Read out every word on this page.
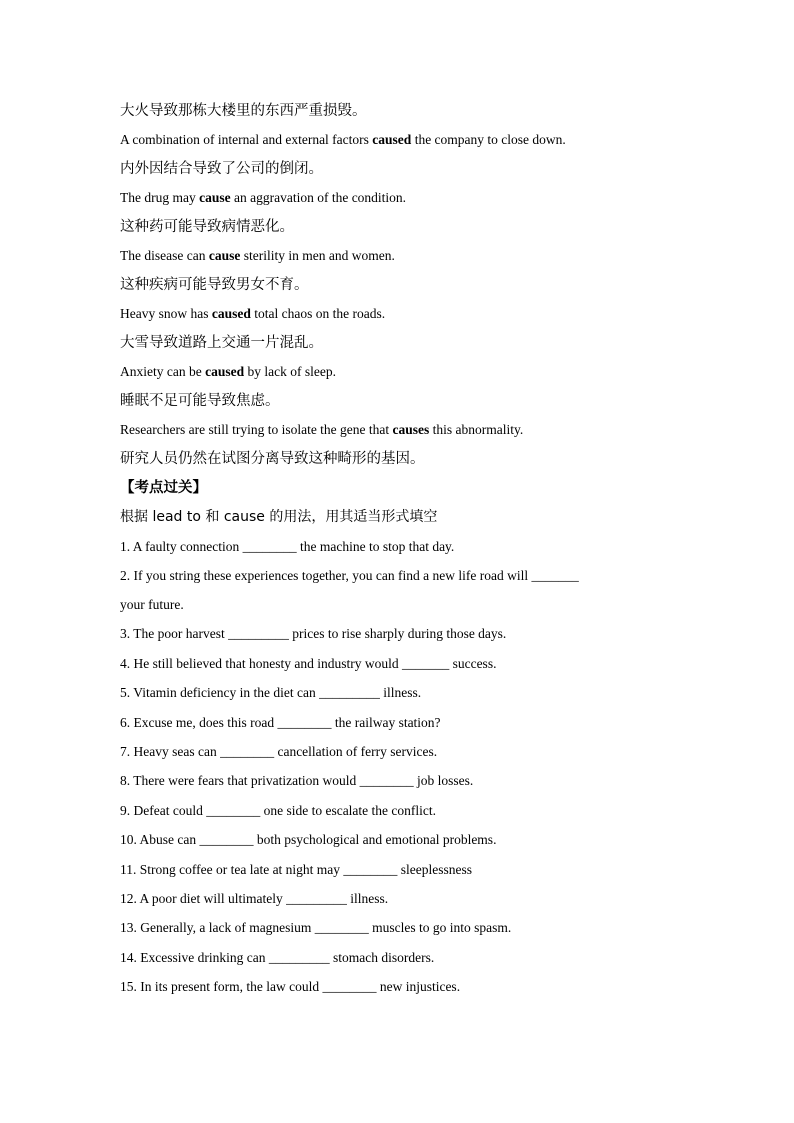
大火导致那栋大楼里的东西严重损毁。
A combination of internal and external factors caused the company to close down.
内外因结合导致了公司的倒闭。
The drug may cause an aggravation of the condition.
这种药可能导致病情恶化。
The disease can cause sterility in men and women.
这种疾病可能导致男女不育。
Heavy snow has caused total chaos on the roads.
大雪导致道路上交通一片混乱。
Anxiety can be caused by lack of sleep.
睡眠不足可能导致焦虑。
Researchers are still trying to isolate the gene that causes this abnormality.
研究人员仍然在试图分离导致这种畸形的基因。
【考点过关】
根据 lead to 和 cause 的用法，用其适当形式填空
1. A faulty connection ________ the machine to stop that day.
2. If you string these experiences together, you can find a new life road will _______
your future.
3. The poor harvest _________ prices to rise sharply during those days.
4. He still believed that honesty and industry would _______ success.
5. Vitamin deficiency in the diet can _________ illness.
6. Excuse me, does this road ________ the railway station?
7. Heavy seas can ________ cancellation of ferry services.
8. There were fears that privatization would ________ job losses.
9. Defeat could ________ one side to escalate the conflict.
10. Abuse can ________ both psychological and emotional problems.
11. Strong coffee or tea late at night may ________ sleeplessness
12. A poor diet will ultimately _________ illness.
13. Generally, a lack of magnesium ________ muscles to go into spasm.
14. Excessive drinking can _________ stomach disorders.
15. In its present form, the law could ________ new injustices.
